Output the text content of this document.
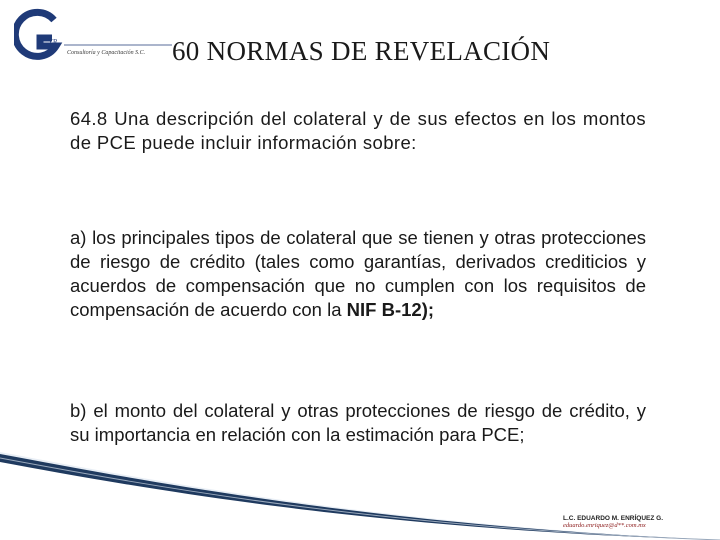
YR
Consultoría y Capacitación S.C. 60 NORMAS DE REVELACIÓN

64.8 Una descripción del colateral y de sus efectos en los montos de PCE puede incluir información sobre:

a) los principales tipos de colateral que se tienen y otras protecciones de riesgo de crédito (tales como garantías, derivados crediticios y acuerdos de compensación que no cumplen con los requisitos de compensación de acuerdo con la NIF B-12);

b) el monto del colateral y otras protecciones de riesgo de crédito, y su importancia en relación con la estimación para PCE;

L.C. EDUARDO M. ENRÍQUEZ G.
eduardo.enriquez@d**.com.mx
